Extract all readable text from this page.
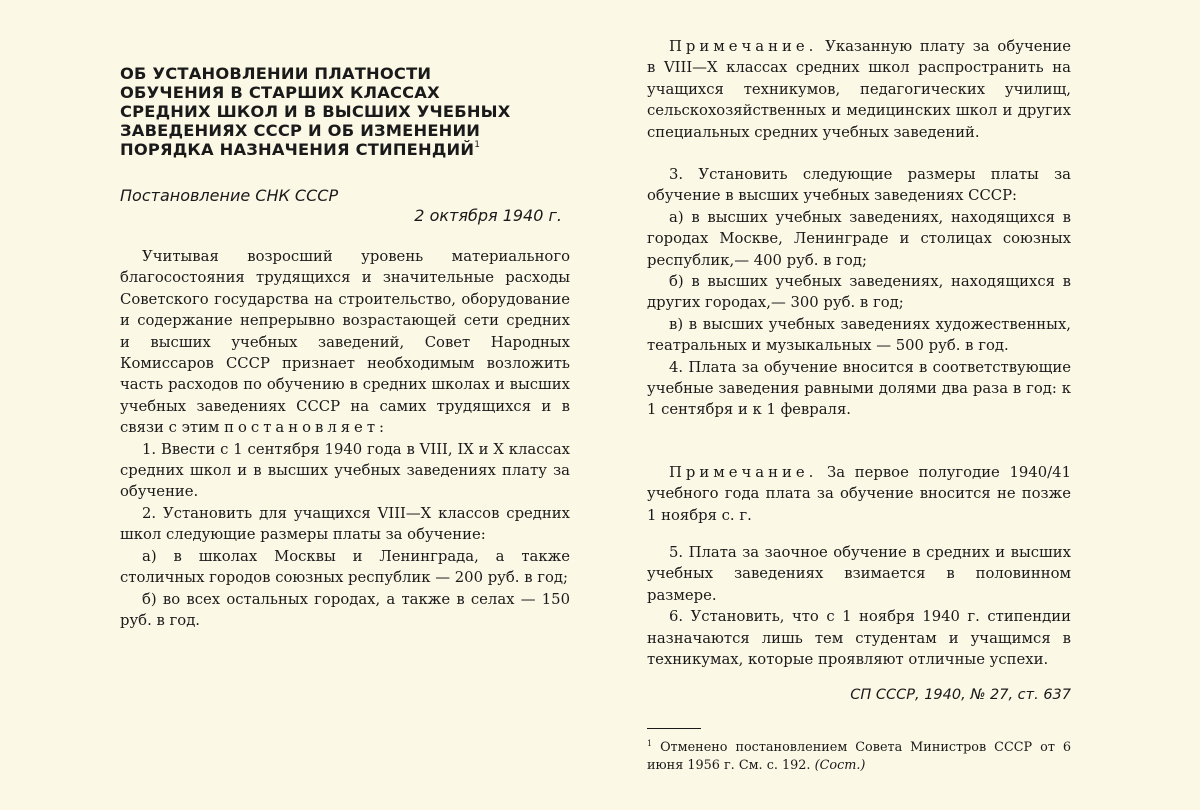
ОБ УСТАНОВЛЕНИИ ПЛАТНОСТИ
ОБУЧЕНИЯ В СТАРШИХ КЛАССАХ
СРЕДНИХ ШКОЛ И В ВЫСШИХ УЧЕБНЫХ
ЗАВЕДЕНИЯХ СССР И ОБ ИЗМЕНЕНИИ
ПОРЯДКА НАЗНАЧЕНИЯ СТИПЕНДИЙ$^1$

Постановление СНК СССР

2 октября 1940 г.

Учитывая возросший уровень материального благосостояния трудящихся и значительные расходы Советского государства на строительство, оборудование и содержание непрерывно возрастающей сети средних и высших учебных заведений, Совет Народных Комиссаров СССР признает необходимым возложить часть расходов по обучению в средних школах и высших учебных заведениях СССР на самих трудящихся и в связи с этим постановляет:

1. Ввести с 1 сентября 1940 года в VIII, IX и X классах средних школ и в высших учебных заведениях плату за обучение.

2. Установить для учащихся VIII—X классов средних школ следующие размеры платы за обучение:

а) в школах Москвы и Ленинграда, а также столичных городов союзных республик — 200 руб. в год;

б) во всех остальных городах, а также в селах — 150 руб. в год.

Примечание. Указанную плату за обучение в VIII—X классах средних школ распространить на учащихся техникумов, педагогических училищ, сельскохозяйственных и медицинских школ и других специальных средних учебных заведений.

3. Установить следующие размеры платы за обучение в высших учебных заведениях СССР:

а) в высших учебных заведениях, находящихся в городах Москве, Ленинграде и столицах союзных республик,— 400 руб. в год;

б) в высших учебных заведениях, находящихся в других городах,— 300 руб. в год;

в) в высших учебных заведениях художественных, театральных и музыкальных — 500 руб. в год.

4. Плата за обучение вносится в соответствующие учебные заведения равными долями два раза в год: к 1 сентября и к 1 февраля.

Примечание. За первое полугодие 1940/41 учебного года плата за обучение вносится не позже 1 ноября с. г.

5. Плата за заочное обучение в средних и высших учебных заведениях взимается в половинном размере.

6. Установить, что с 1 ноября 1940 г. стипендии назначаются лишь тем студентам и учащимся в техникумах, которые проявляют отличные успехи.

СП СССР, 1940, № 27, ст. 637

$^1$ Отменено постановлением Совета Министров СССР от 6 июня 1956 г. См. с. 192. (Сост.)
